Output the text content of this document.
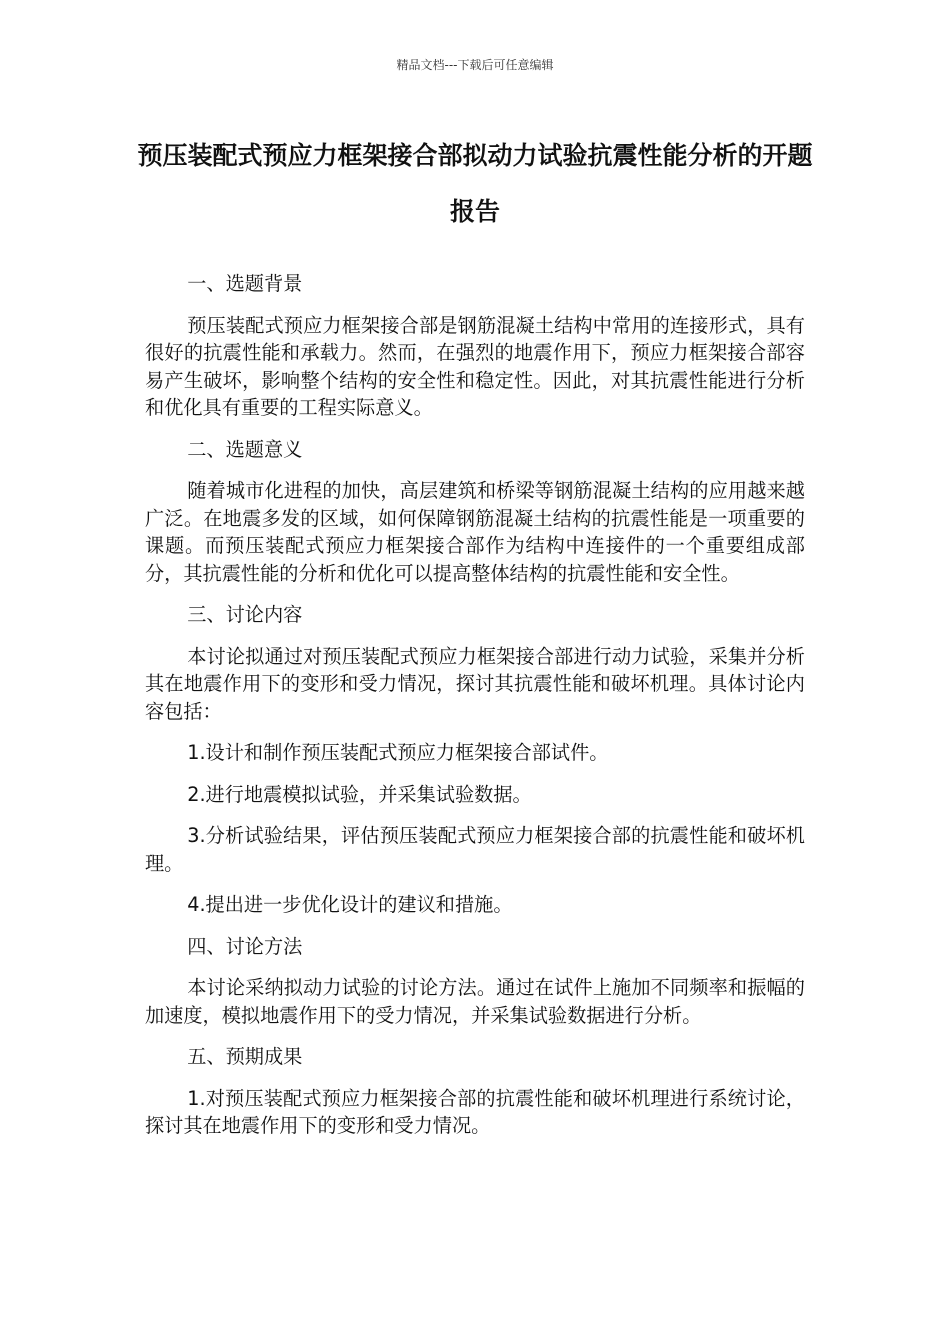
精品文档---下载后可任意编辑
预压装配式预应力框架接合部拟动力试验抗震性能分析的开题报告

一、选题背景

预压装配式预应力框架接合部是钢筋混凝土结构中常用的连接形式，具有很好的抗震性能和承载力。然而，在强烈的地震作用下，预应力框架接合部容易产生破坏，影响整个结构的安全性和稳定性。因此，对其抗震性能进行分析和优化具有重要的工程实际意义。

二、选题意义

随着城市化进程的加快，高层建筑和桥梁等钢筋混凝土结构的应用越来越广泛。在地震多发的区域，如何保障钢筋混凝土结构的抗震性能是一项重要的课题。而预压装配式预应力框架接合部作为结构中连接件的一个重要组成部分，其抗震性能的分析和优化可以提高整体结构的抗震性能和安全性。

三、讨论内容

本讨论拟通过对预压装配式预应力框架接合部进行动力试验，采集并分析其在地震作用下的变形和受力情况，探讨其抗震性能和破坏机理。具体讨论内容包括：

1.设计和制作预压装配式预应力框架接合部试件。

2.进行地震模拟试验，并采集试验数据。

3.分析试验结果，评估预压装配式预应力框架接合部的抗震性能和破坏机理。

4.提出进一步优化设计的建议和措施。

四、讨论方法

本讨论采纳拟动力试验的讨论方法。通过在试件上施加不同频率和振幅的加速度，模拟地震作用下的受力情况，并采集试验数据进行分析。

五、预期成果

1.对预压装配式预应力框架接合部的抗震性能和破坏机理进行系统讨论，探讨其在地震作用下的变形和受力情况。
